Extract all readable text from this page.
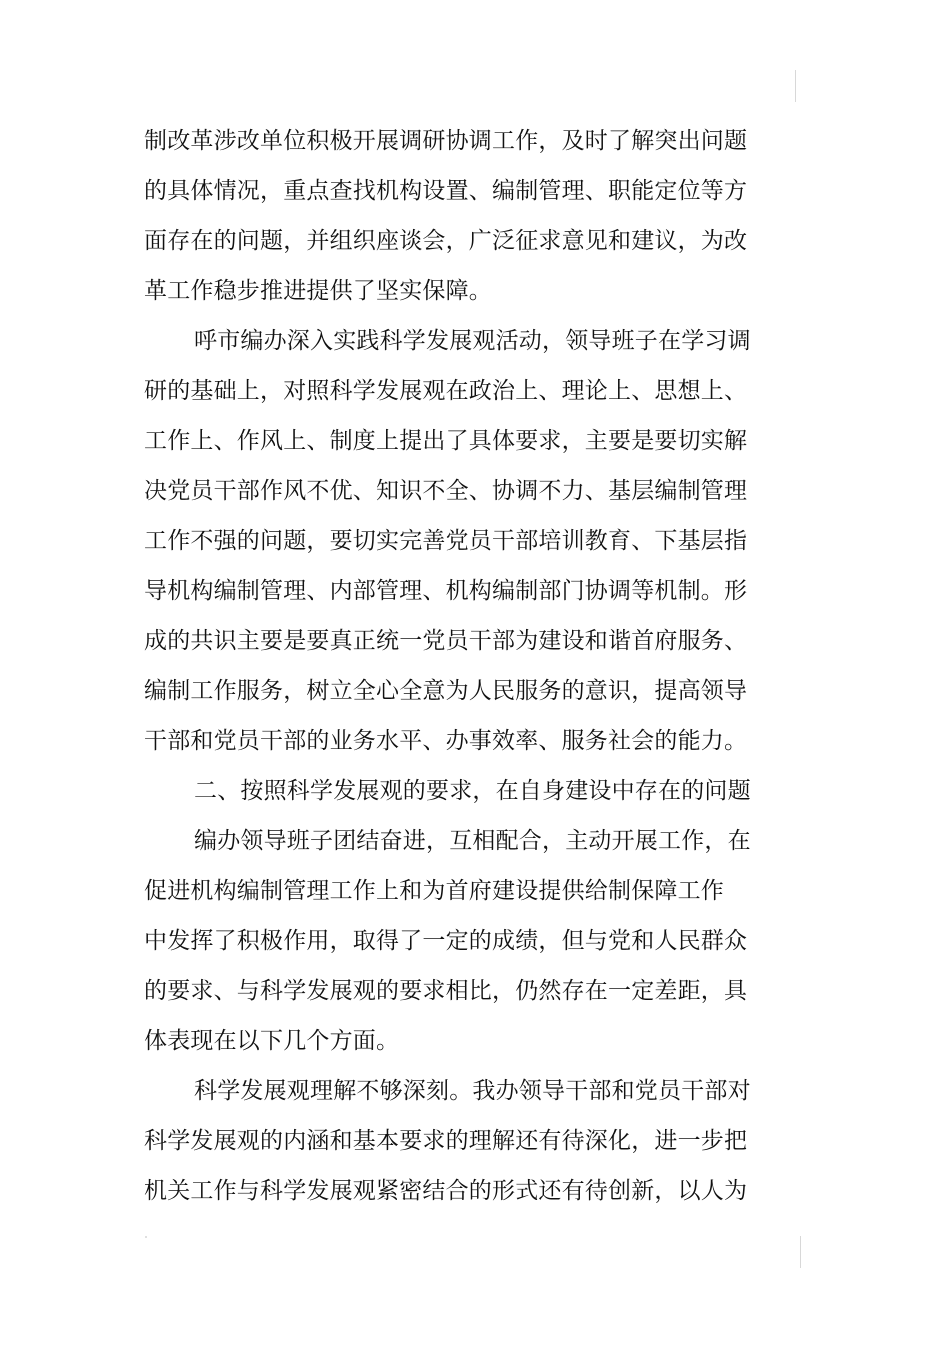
制改革涉改单位积极开展调研协调工作，及时了解突出问题
的具体情况，重点查找机构设置、编制管理、职能定位等方
面存在的问题，并组织座谈会，广泛征求意见和建议，为改
革工作稳步推进提供了坚实保障。
呼市编办深入实践科学发展观活动，领导班子在学习调
研的基础上，对照科学发展观在政治上、理论上、思想上、
工作上、作风上、制度上提出了具体要求，主要是要切实解
决党员干部作风不优、知识不全、协调不力、基层编制管理
工作不强的问题，要切实完善党员干部培训教育、下基层指
导机构编制管理、内部管理、机构编制部门协调等机制。形
成的共识主要是要真正统一党员干部为建设和谐首府服务、
编制工作服务，树立全心全意为人民服务的意识，提高领导
干部和党员干部的业务水平、办事效率、服务社会的能力。
二、按照科学发展观的要求，在自身建设中存在的问题
编办领导班子团结奋进，互相配合，主动开展工作，在
促进机构编制管理工作上和为首府建设提供给制保障工作
中发挥了积极作用，取得了一定的成绩，但与党和人民群众
的要求、与科学发展观的要求相比，仍然存在一定差距，具
体表现在以下几个方面。
科学发展观理解不够深刻。我办领导干部和党员干部对
科学发展观的内涵和基本要求的理解还有待深化，进一步把
机关工作与科学发展观紧密结合的形式还有待创新，以人为
